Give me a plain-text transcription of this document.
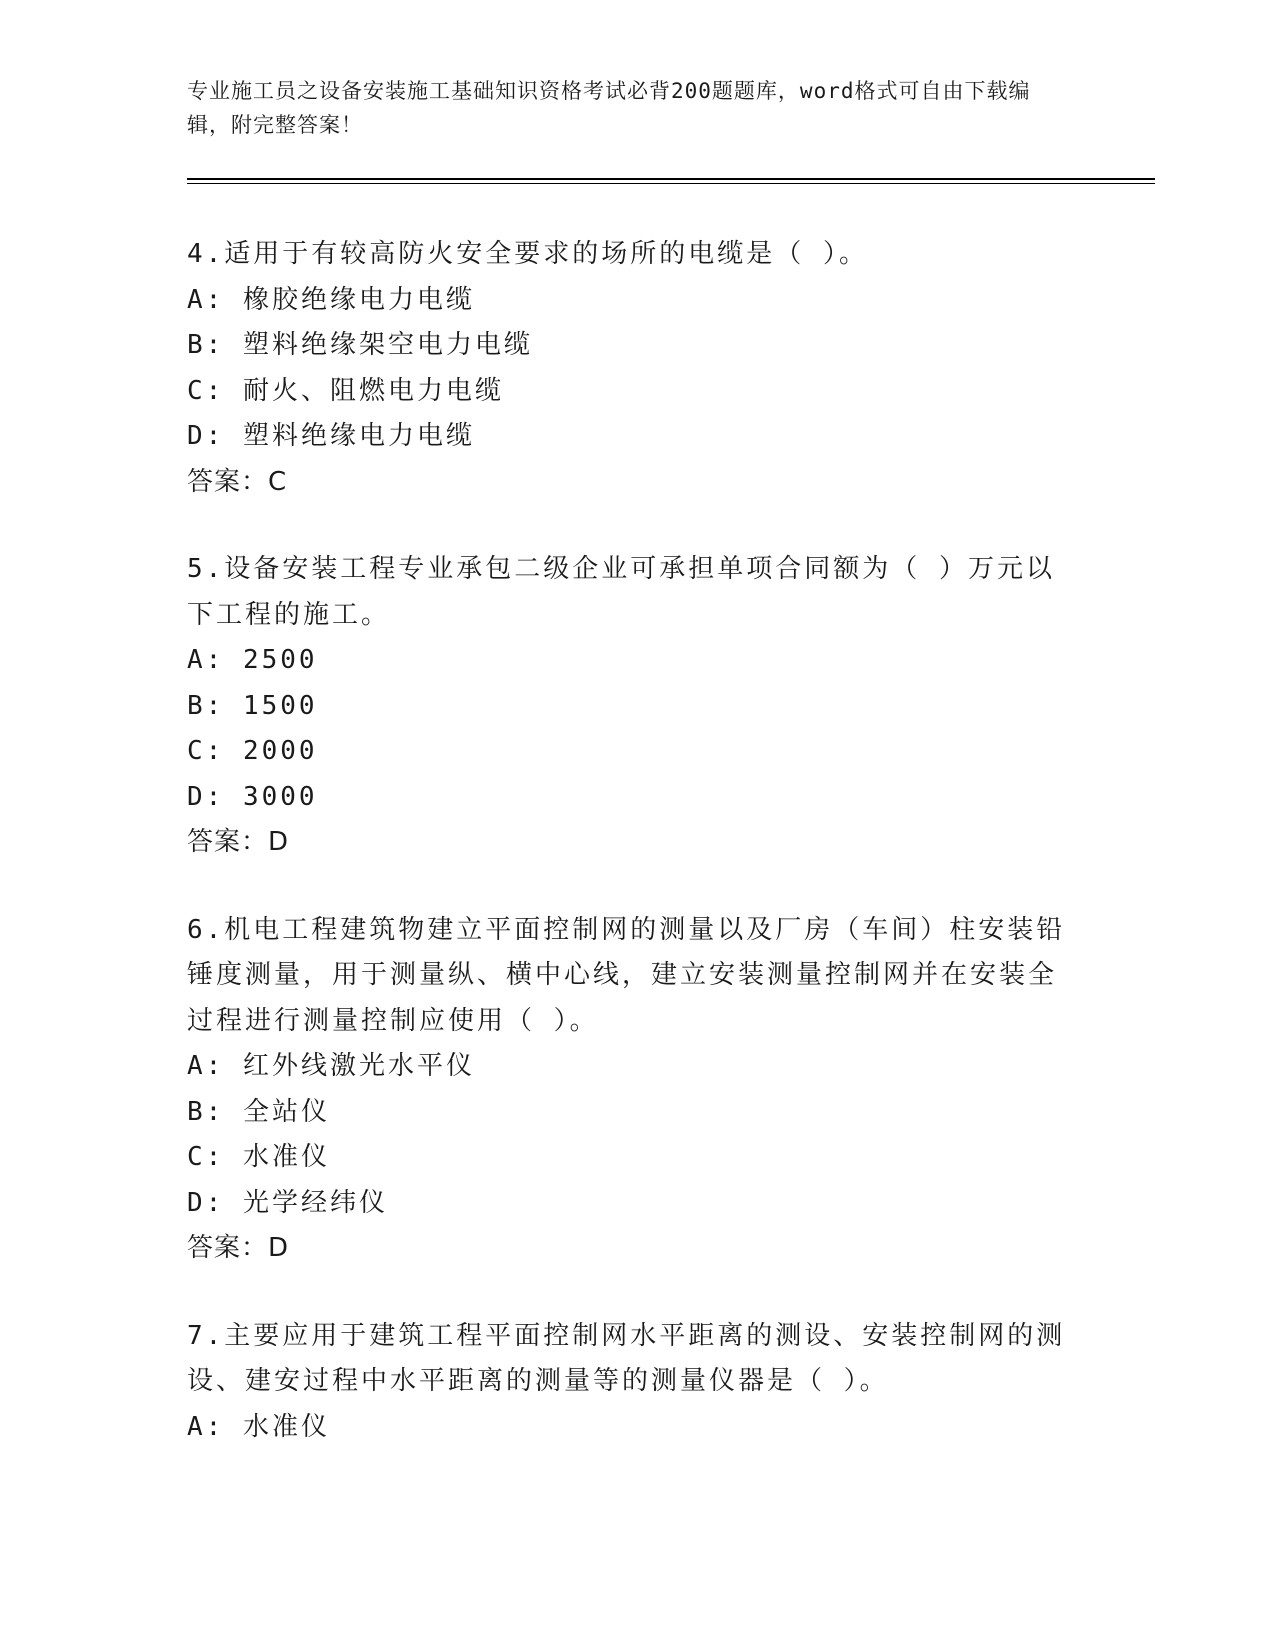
专业施工员之设备安装施工基础知识资格考试必背200题题库，word格式可自由下载编辑，附完整答案！
4.适用于有较高防火安全要求的场所的电缆是（ ）。
A: 橡胶绝缘电力电缆
B: 塑料绝缘架空电力电缆
C: 耐火、阻燃电力电缆
D: 塑料绝缘电力电缆
答案：C
5.设备安装工程专业承包二级企业可承担单项合同额为（ ）万元以下工程的施工。
A: 2500
B: 1500
C: 2000
D: 3000
答案：D
6.机电工程建筑物建立平面控制网的测量以及厂房（车间）柱安装铅锤度测量，用于测量纵、横中心线，建立安装测量控制网并在安装全过程进行测量控制应使用（ ）。
A: 红外线激光水平仪
B: 全站仪
C: 水准仪
D: 光学经纬仪
答案：D
7.主要应用于建筑工程平面控制网水平距离的测设、安装控制网的测设、建安过程中水平距离的测量等的测量仪器是（ ）。
A: 水准仪
